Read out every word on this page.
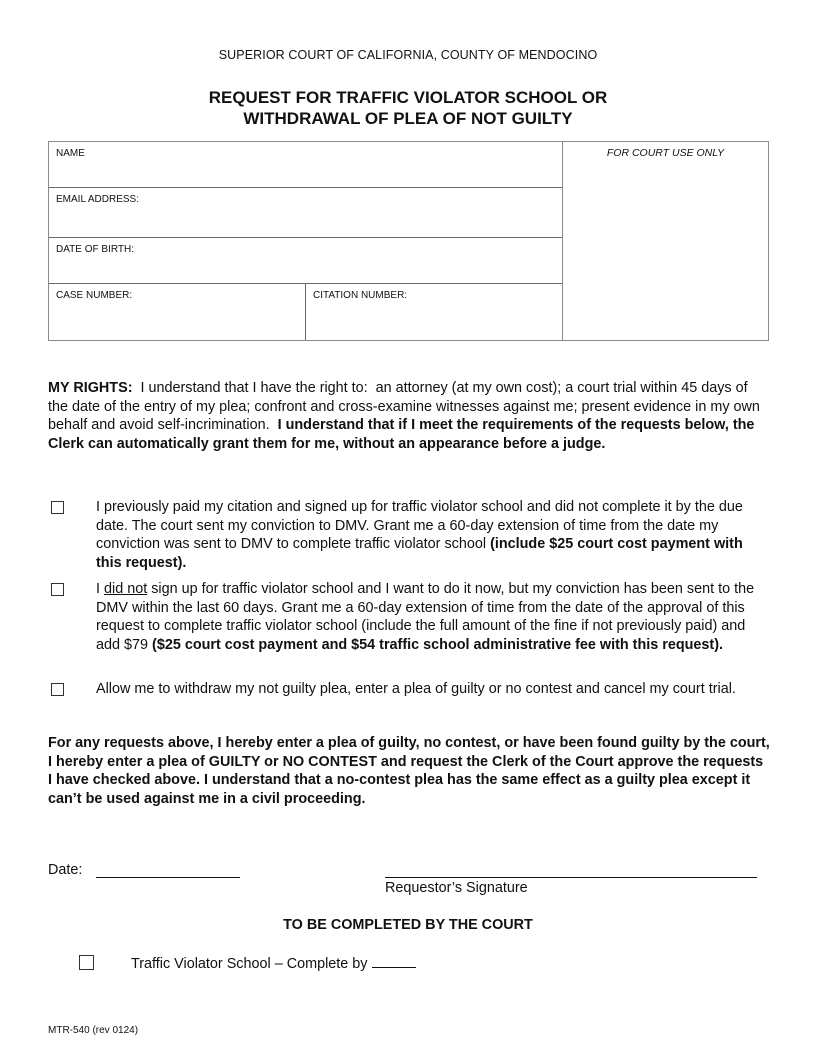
SUPERIOR COURT OF CALIFORNIA, COUNTY OF MENDOCINO
REQUEST FOR TRAFFIC VIOLATOR SCHOOL OR
WITHDRAWAL OF PLEA OF NOT GUILTY
NAME
EMAIL ADDRESS:
DATE OF BIRTH:
CASE NUMBER:	CITATION NUMBER:
FOR COURT USE ONLY
MY RIGHTS:  I understand that I have the right to:  an attorney (at my own cost); a court trial within 45 days of the date of the entry of my plea; confront and cross-examine witnesses against me; present evidence in my own behalf and avoid self-incrimination.  I understand that if I meet the requirements of the requests below, the Clerk can automatically grant them for me, without an appearance before a judge.
I previously paid my citation and signed up for traffic violator school and did not complete it by the due date. The court sent my conviction to DMV. Grant me a 60-day extension of time from the date my conviction was sent to DMV to complete traffic violator school (include $25 court cost payment with this request).
I did not sign up for traffic violator school and I want to do it now, but my conviction has been sent to the DMV within the last 60 days. Grant me a 60-day extension of time from the date of the approval of this request to complete traffic violator school (include the full amount of the fine if not previously paid) and add $79 ($25 court cost payment and $54 traffic school administrative fee with this request).
Allow me to withdraw my not guilty plea, enter a plea of guilty or no contest and cancel my court trial.
For any requests above, I hereby enter a plea of guilty, no contest, or have been found guilty by the court, I hereby enter a plea of GUILTY or NO CONTEST and request the Clerk of the Court approve the requests I have checked above. I understand that a no-contest plea has the same effect as a guilty plea except it can’t be used against me in a civil proceeding.
Date:
Requestor’s Signature
TO BE COMPLETED BY THE COURT
Traffic Violator School – Complete by
MTR-540 (rev 0124)
